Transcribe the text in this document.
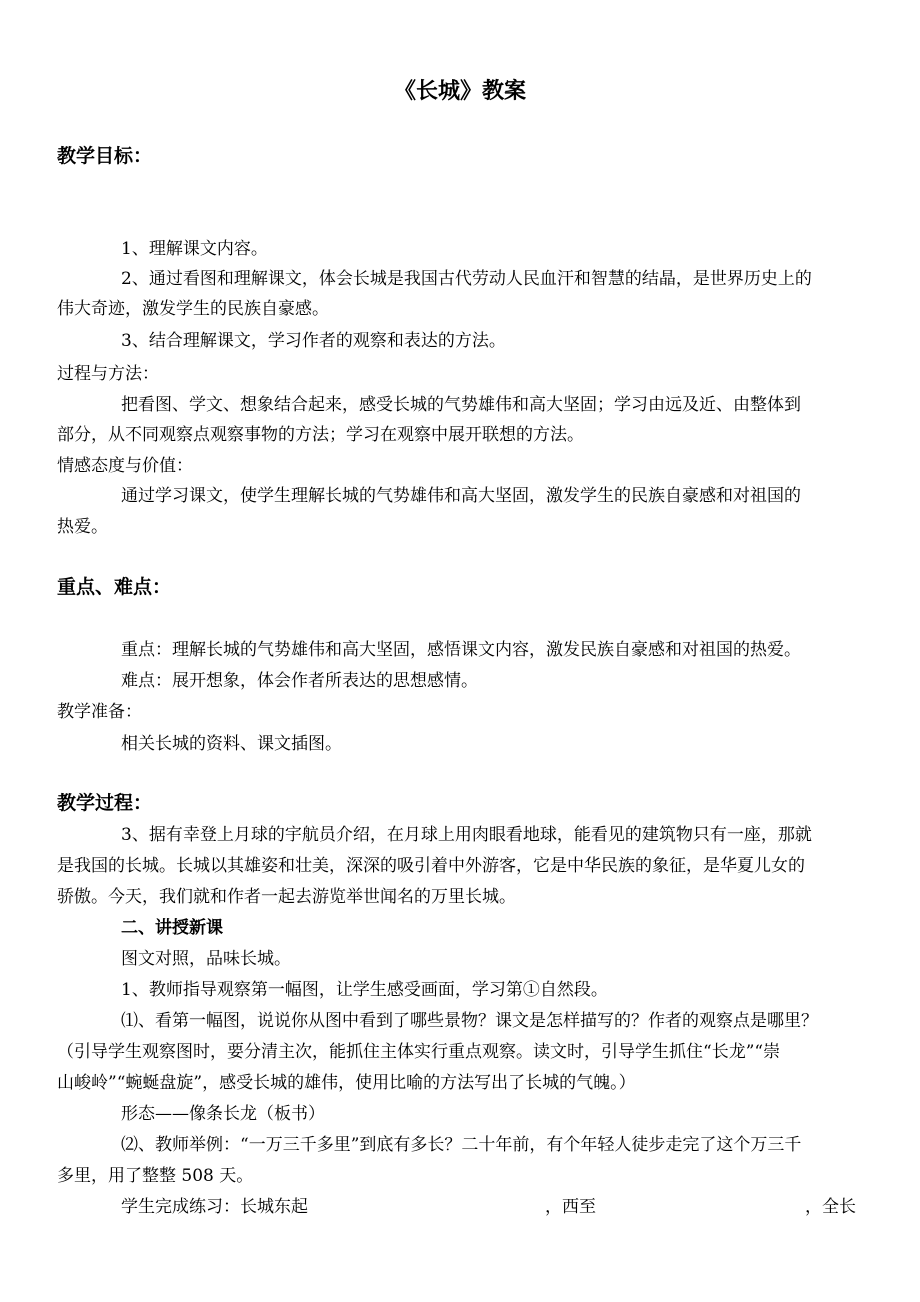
《长城》教案
教学目标：
1、理解课文内容。
2、通过看图和理解课文，体会长城是我国古代劳动人民血汗和智慧的结晶，是世界历史上的
伟大奇迹，激发学生的民族自豪感。
3、结合理解课文，学习作者的观察和表达的方法。
过程与方法：
把看图、学文、想象结合起来，感受长城的气势雄伟和高大坚固；学习由远及近、由整体到
部分，从不同观察点观察事物的方法；学习在观察中展开联想的方法。
情感态度与价值：
通过学习课文，使学生理解长城的气势雄伟和高大坚固，激发学生的民族自豪感和对祖国的
热爱。
重点、难点：
重点：理解长城的气势雄伟和高大坚固，感悟课文内容，激发民族自豪感和对祖国的热爱。
难点：展开想象，体会作者所表达的思想感情。
教学准备：
相关长城的资料、课文插图。
教学过程：
3、据有幸登上月球的宇航员介绍，在月球上用肉眼看地球，能看见的建筑物只有一座，那就
是我国的长城。长城以其雄姿和壮美，深深的吸引着中外游客，它是中华民族的象征，是华夏儿女的
骄傲。今天，我们就和作者一起去游览举世闻名的万里长城。
二、讲授新课
图文对照，品味长城。
1、教师指导观察第一幅图，让学生感受画面，学习第①自然段。
⑴、看第一幅图，说说你从图中看到了哪些景物？课文是怎样描写的？作者的观察点是哪里？
（引导学生观察图时，要分清主次，能抓住主体实行重点观察。读文时，引导学生抓住“长龙”“崇
山峻岭”“蜿蜒盘旋”，感受长城的雄伟，使用比喻的方法写出了长城的气魄。）
形态——像条长龙（板书）
⑵、教师举例：“一万三千多里”到底有多长？二十年前，有个年轻人徒步走完了这个万三千
多里，用了整整 508 天。
学生完成练习：长城东起	，西至	，全长
